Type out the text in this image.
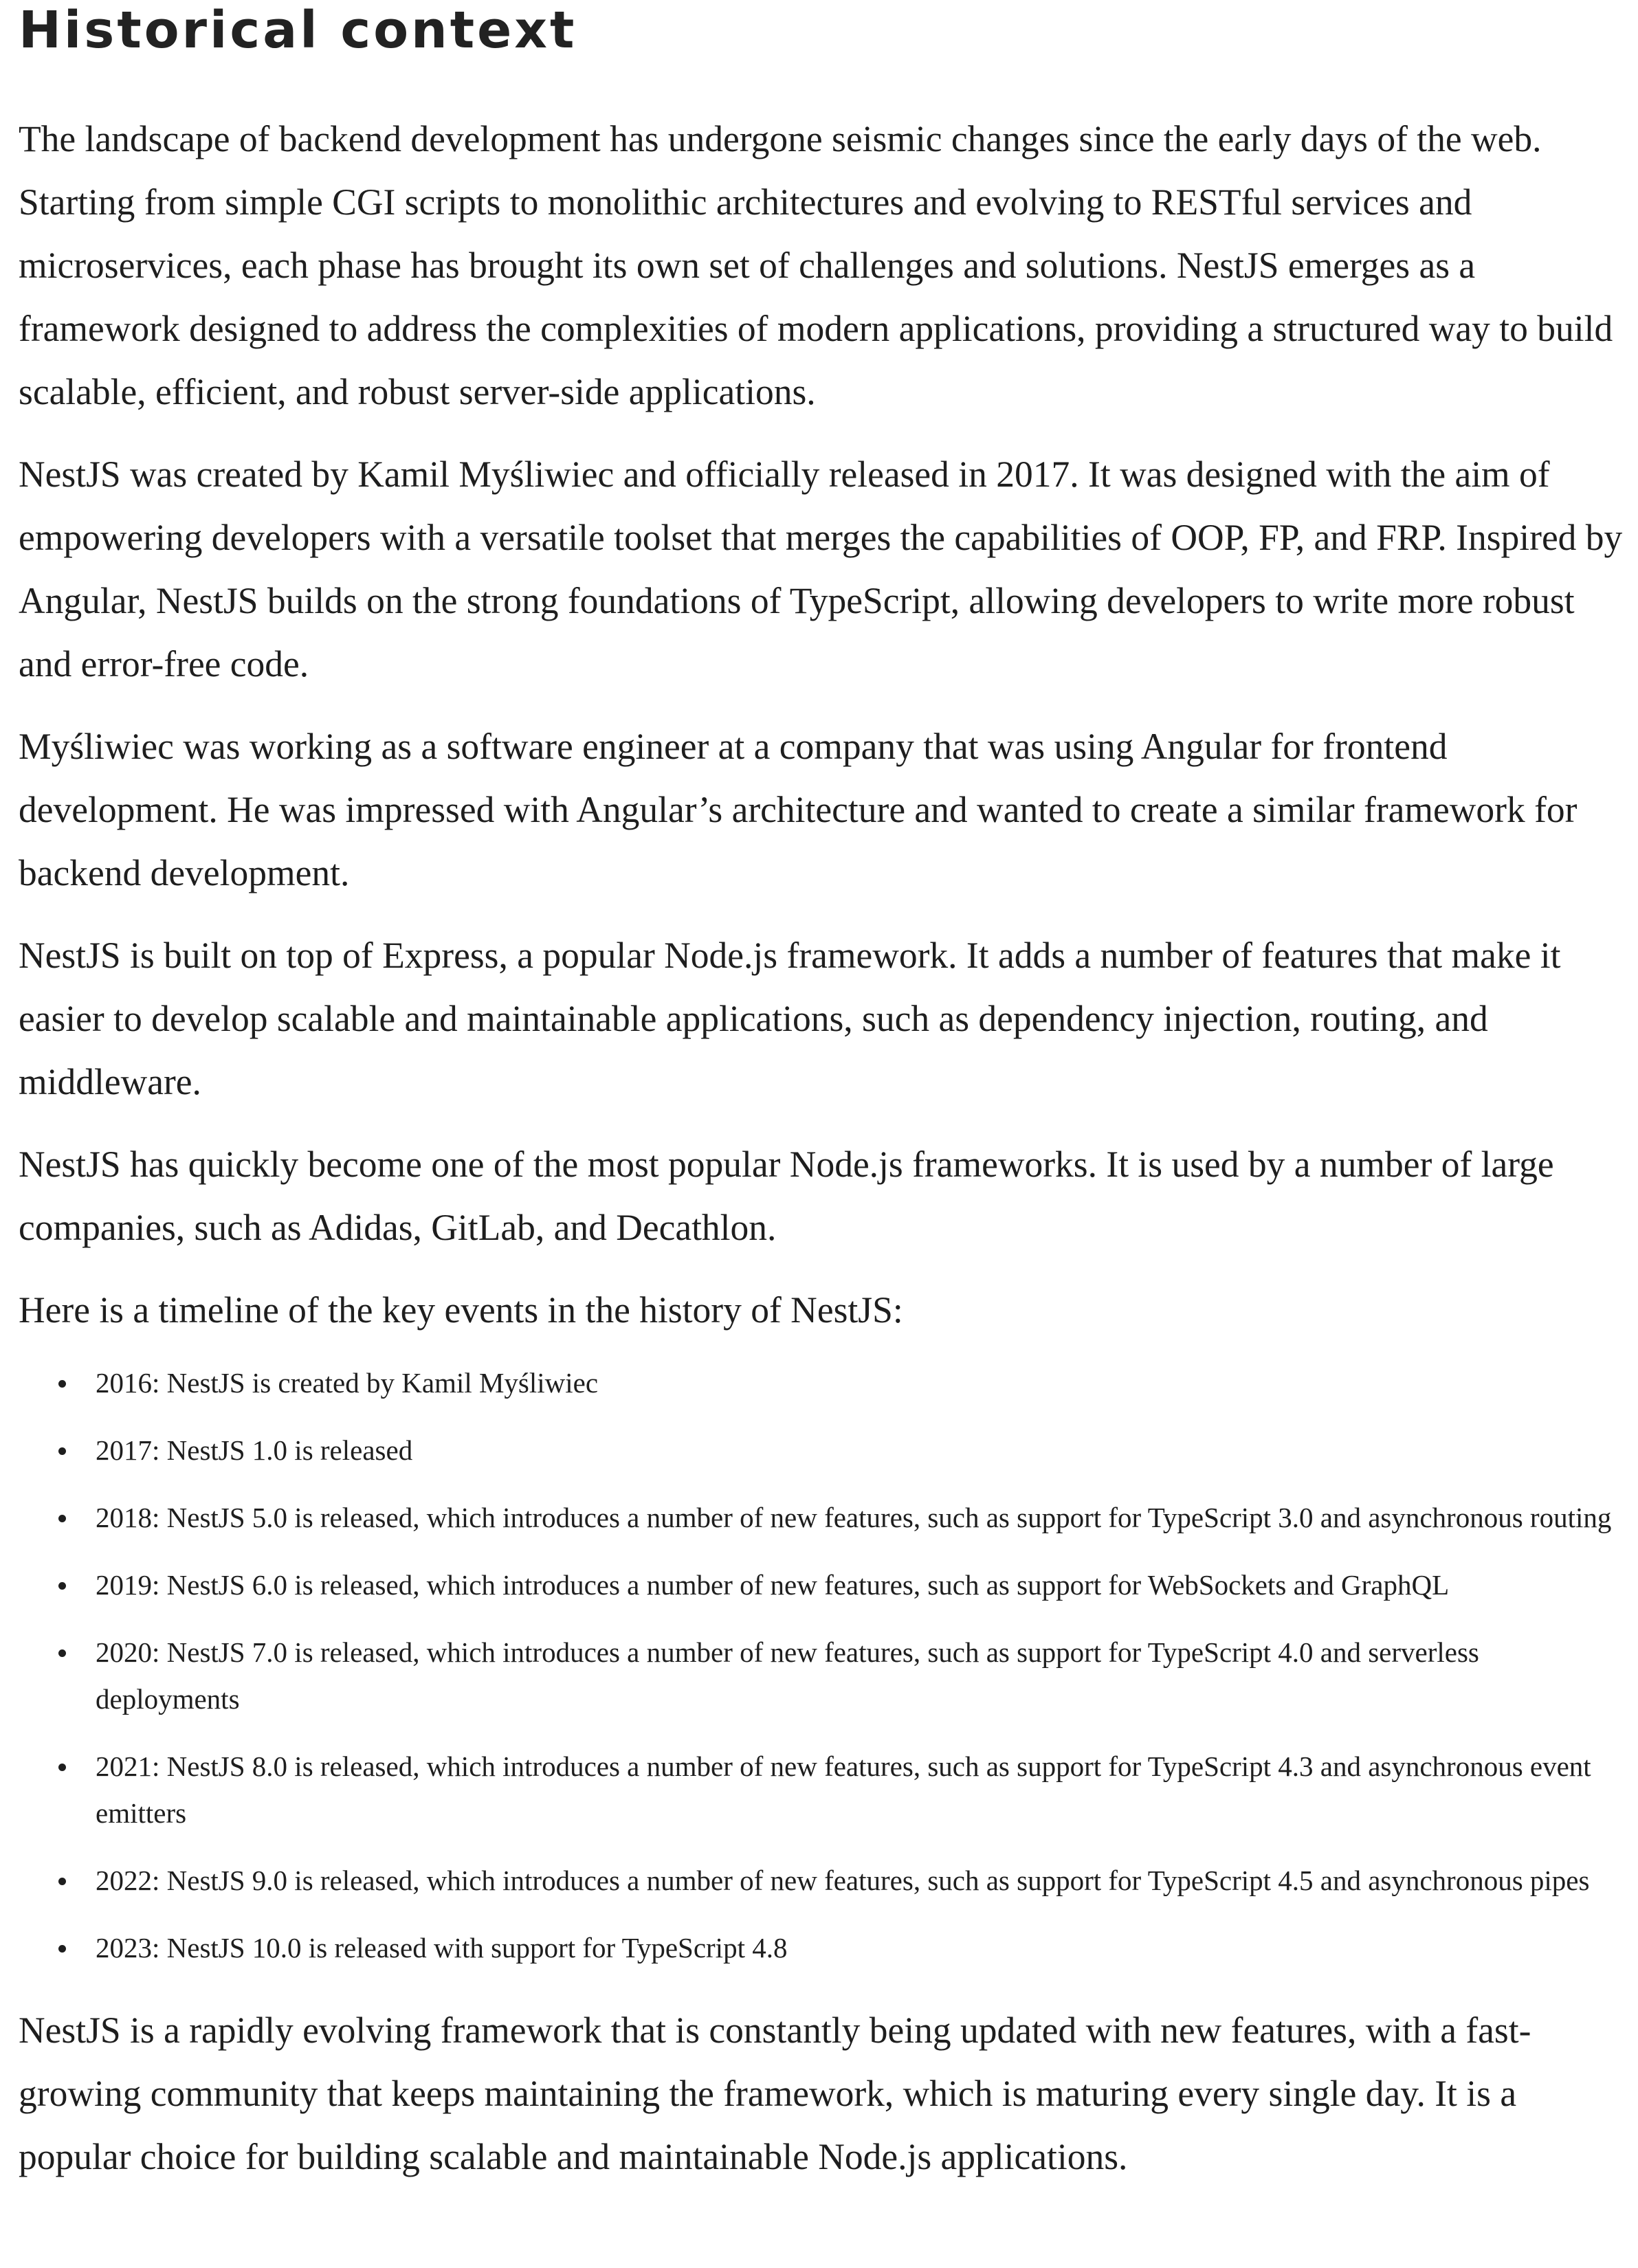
Historical context

The landscape of backend development has undergone seismic changes since the early days of the web. Starting from simple CGI scripts to monolithic architectures and evolving to RESTful services and microservices, each phase has brought its own set of challenges and solutions. NestJS emerges as a framework designed to address the complexities of modern applications, providing a structured way to build scalable, efficient, and robust server-side applications.

NestJS was created by Kamil Myśliwiec and officially released in 2017. It was designed with the aim of empowering developers with a versatile toolset that merges the capabilities of OOP, FP, and FRP. Inspired by Angular, NestJS builds on the strong foundations of TypeScript, allowing developers to write more robust and error-free code.

Myśliwiec was working as a software engineer at a company that was using Angular for frontend development. He was impressed with Angular’s architecture and wanted to create a similar framework for backend development.

NestJS is built on top of Express, a popular Node.js framework. It adds a number of features that make it easier to develop scalable and maintainable applications, such as dependency injection, routing, and middleware.

NestJS has quickly become one of the most popular Node.js frameworks. It is used by a number of large companies, such as Adidas, GitLab, and Decathlon.

Here is a timeline of the key events in the history of NestJS:

2016: NestJS is created by Kamil Myśliwiec
2017: NestJS 1.0 is released
2018: NestJS 5.0 is released, which introduces a number of new features, such as support for TypeScript 3.0 and asynchronous routing
2019: NestJS 6.0 is released, which introduces a number of new features, such as support for WebSockets and GraphQL
2020: NestJS 7.0 is released, which introduces a number of new features, such as support for TypeScript 4.0 and serverless deployments
2021: NestJS 8.0 is released, which introduces a number of new features, such as support for TypeScript 4.3 and asynchronous event emitters
2022: NestJS 9.0 is released, which introduces a number of new features, such as support for TypeScript 4.5 and asynchronous pipes
2023: NestJS 10.0 is released with support for TypeScript 4.8

NestJS is a rapidly evolving framework that is constantly being updated with new features, with a fast-growing community that keeps maintaining the framework, which is maturing every single day. It is a popular choice for building scalable and maintainable Node.js applications.
